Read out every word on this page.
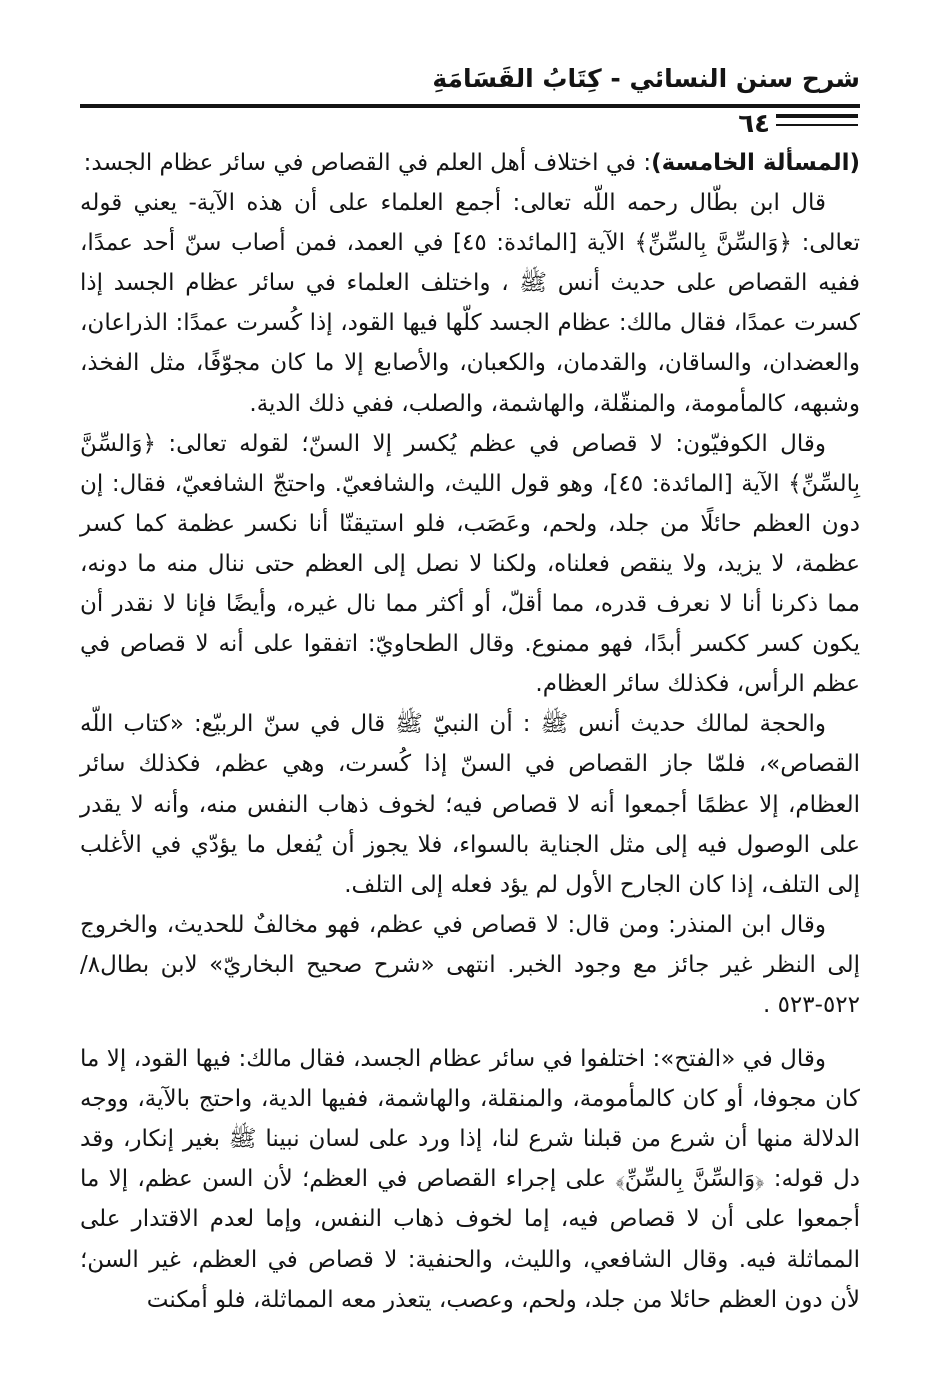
شرح سنن النسائي - كِتَابُ القَسَامَةِ
٦٤

(المسألة الخامسة): في اختلاف أهل العلم في القصاص في سائر عظام الجسد:

قال ابن بطّال رحمه اللّه تعالى: أجمع العلماء على أن هذه الآية- يعني قوله تعالى: ﴿وَالسِّنَّ بِالسِّنِّ﴾ الآية [المائدة: ٤٥] في العمد، فمن أصاب سنّ أحد عمدًا، ففيه القصاص على حديث أنس ﷺ ، واختلف العلماء في سائر عظام الجسد إذا كسرت عمدًا، فقال مالك: عظام الجسد كلّها فيها القود، إذا كُسرت عمدًا: الذراعان، والعضدان، والساقان، والقدمان، والكعبان، والأصابع إلا ما كان مجوّفًا، مثل الفخذ، وشبهه، كالمأمومة، والمنقّلة، والهاشمة، والصلب، ففي ذلك الدية.

وقال الكوفيّون: لا قصاص في عظم يُكسر إلا السنّ؛ لقوله تعالى: ﴿وَالسِّنَّ بِالسِّنِّ﴾ الآية [المائدة: ٤٥]، وهو قول الليث، والشافعيّ. واحتجّ الشافعيّ، فقال: إن دون العظم حائلًا من جلد، ولحم، وعَصَب، فلو استيقنّا أنا نكسر عظمة كما كسر عظمة، لا يزيد، ولا ينقص فعلناه، ولكنا لا نصل إلى العظم حتى ننال منه ما دونه، مما ذكرنا أنا لا نعرف قدره، مما أقلّ، أو أكثر مما نال غيره، وأيضًا فإنا لا نقدر أن يكون كسر ككسر أبدًا، فهو ممنوع. وقال الطحاويّ: اتفقوا على أنه لا قصاص في عظم الرأس، فكذلك سائر العظام.

والحجة لمالك حديث أنس ﷺ : أن النبيّ ﷺ قال في سنّ الربيّع: «كتاب اللّه القصاص»، فلمّا جاز القصاص في السنّ إذا كُسرت، وهي عظم، فكذلك سائر العظام، إلا عظمًا أجمعوا أنه لا قصاص فيه؛ لخوف ذهاب النفس منه، وأنه لا يقدر على الوصول فيه إلى مثل الجناية بالسواء، فلا يجوز أن يُفعل ما يؤدّي في الأغلب إلى التلف، إذا كان الجارح الأول لم يؤد فعله إلى التلف.

وقال ابن المنذر: ومن قال: لا قصاص في عظم، فهو مخالفٌ للحديث، والخروج إلى النظر غير جائز مع وجود الخبر. انتهى «شرح صحيح البخاريّ» لابن بطال٨/ ٥٢٢-٥٢٣ .

وقال في «الفتح»: اختلفوا في سائر عظام الجسد، فقال مالك: فيها القود، إلا ما كان مجوفا، أو كان كالمأمومة، والمنقلة، والهاشمة، ففيها الدية، واحتج بالآية، ووجه الدلالة منها أن شرع من قبلنا شرع لنا، إذا ورد على لسان نبينا ﷺ بغير إنكار، وقد دل قوله: ﴿وَالسِّنَّ بِالسِّنِّ﴾ على إجراء القصاص في العظم؛ لأن السن عظم، إلا ما أجمعوا على أن لا قصاص فيه، إما لخوف ذهاب النفس، وإما لعدم الاقتدار على المماثلة فيه. وقال الشافعي، والليث، والحنفية: لا قصاص في العظم، غير السن؛ لأن دون العظم حائلا من جلد، ولحم، وعصب، يتعذر معه المماثلة، فلو أمكنت
